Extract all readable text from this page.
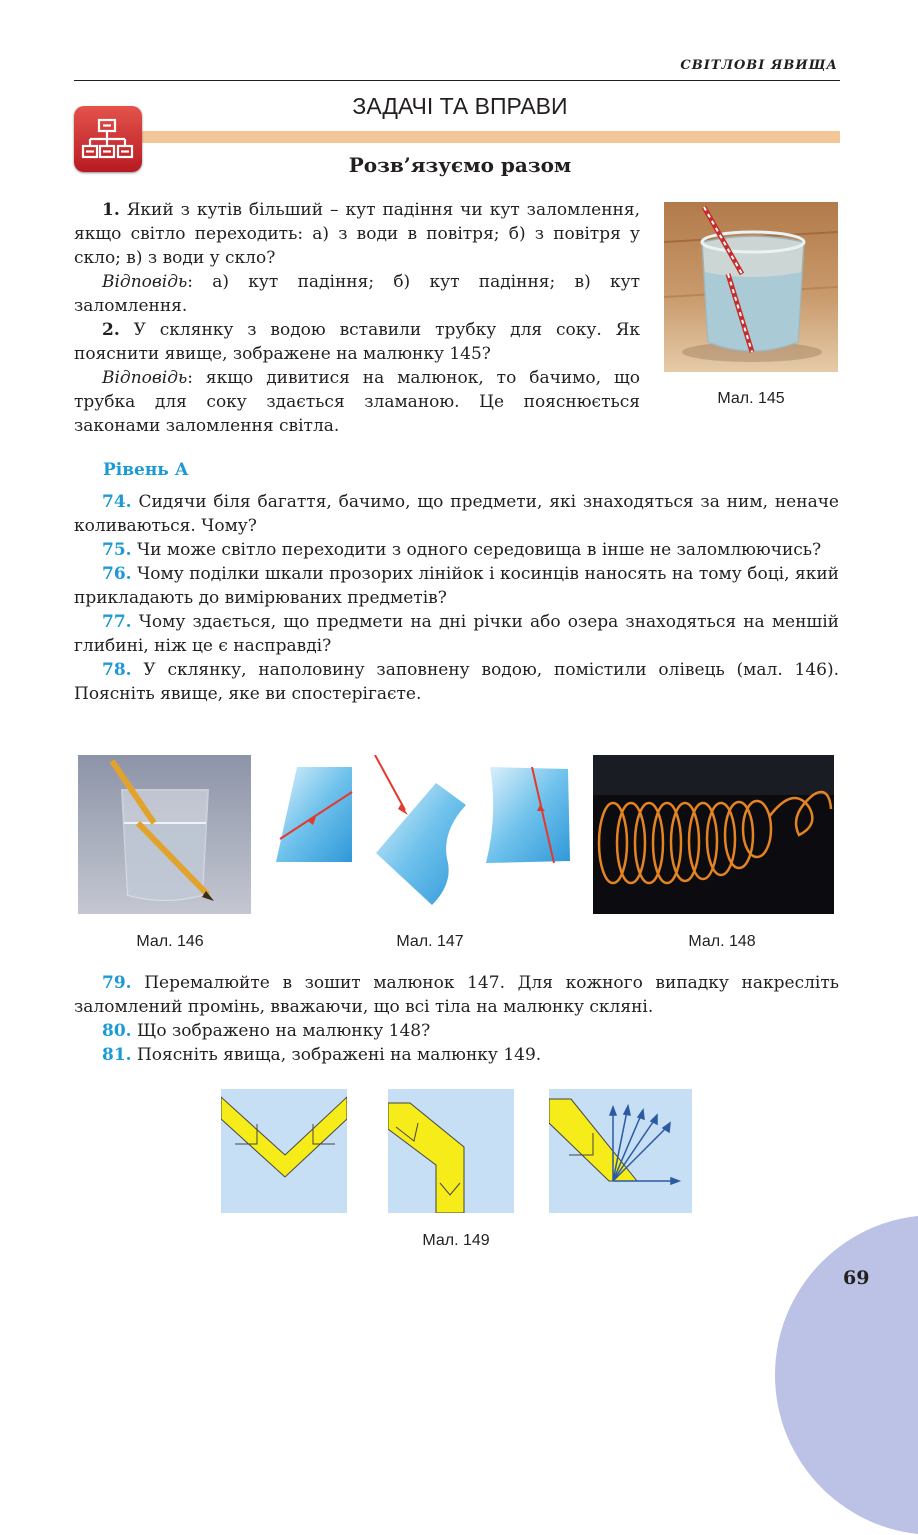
СВІТЛОВІ ЯВИЩА
ЗАДАЧІ ТА ВПРАВИ
Розв’язуємо разом

1. Який з кутів більший – кут падіння чи кут заломлення, якщо світло переходить: а) з води в повітря; б) з повітря у скло; в) з води у скло?

Відповідь: а) кут падіння; б) кут падіння; в) кут заломлення.

2. У склянку з водою вставили трубку для соку. Як пояснити явище, зображене на малюнку 145?

Відповідь: якщо дивитися на малюнок, то бачимо, що трубка для соку здається зламаною. Це пояснюється законами заломлення світла.

Мал. 145
Рівень А

74. Сидячи біля багаття, бачимо, що предмети, які знаходяться за ним, неначе коливаються. Чому?

75. Чи може світло переходити з одного середовища в інше не заломлюючись?

76. Чому поділки шкали прозорих лінійок і косинців наносять на тому боці, який прикладають до вимірюваних предметів?

77. Чому здається, що предмети на дні річки або озера знаходяться на меншій глибині, ніж це є насправді?

78. У склянку, наполовину заповнену водою, помістили олівець (мал. 146). Поясніть явище, яке ви спостерігаєте.

Мал. 146	Мал. 147	Мал. 148

79. Перемалюйте в зошит малюнок 147. Для кожного випадку накресліть заломлений промінь, вважаючи, що всі тіла на малюнку скляні.

80. Що зображено на малюнку 148?

81. Поясніть явища, зображені на малюнку 149.

Мал. 149
69
